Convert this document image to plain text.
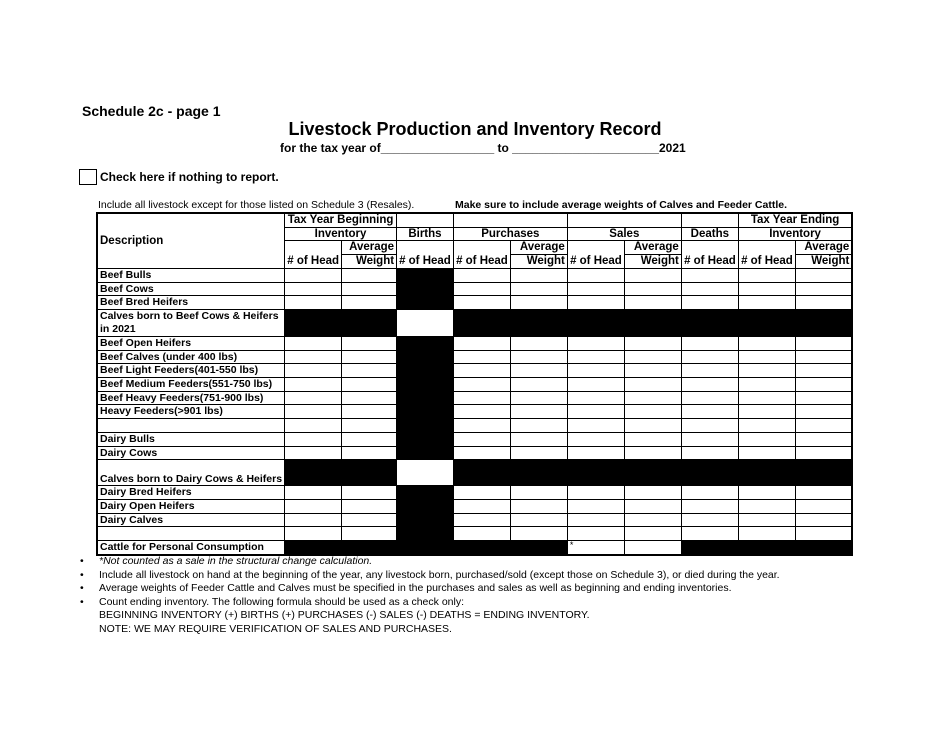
Schedule 2c - page 1
Livestock Production and Inventory Record
for the tax year of_________________ to ______________________2021
Check here if nothing to report.
Include all livestock except for those listed on Schedule 3 (Resales).	Make sure to include average weights of Calves and Feeder Cattle.
Description	Tax Year Beginning								Tax Year Ending	
	Inventory		Births	Purchases		Sales		Deaths	Inventory	
	# of Head	Average	# of Head	# of Head	Average	# of Head	Average	# of Head	# of Head	Average
		Weight			Weight		Weight			Weight
Beef Bulls										
Beef Cows										
Beef Bred Heifers										
Calves born to Beef Cows & Heifers in 2021										
Beef Open Heifers										
Beef Calves (under 400 lbs)										
Beef Light Feeders(401-550 lbs)										
Beef Medium Feeders(551-750 lbs)										
Beef Heavy Feeders(751-900 lbs)										
Heavy Feeders(>901 lbs)										

Dairy Bulls										
Dairy Cows										
Calves born to Dairy Cows & Heifers										
Dairy Bred Heifers										
Dairy Open Heifers										
Dairy Calves										

Cattle for Personal Consumption						*				
• *Not counted as a sale in the structural change calculation.
• Include all livestock on hand at the beginning of the year, any livestock born, purchased/sold (except those on Schedule 3), or died during the year.
• Average weights of Feeder Cattle and Calves must be specified in the purchases and sales as well as beginning and ending inventories.
• Count ending inventory. The following formula should be used as a check only:
BEGINNING INVENTORY (+) BIRTHS (+) PURCHASES (-) SALES (-) DEATHS = ENDING INVENTORY.
NOTE: WE MAY REQUIRE VERIFICATION OF SALES AND PURCHASES.
